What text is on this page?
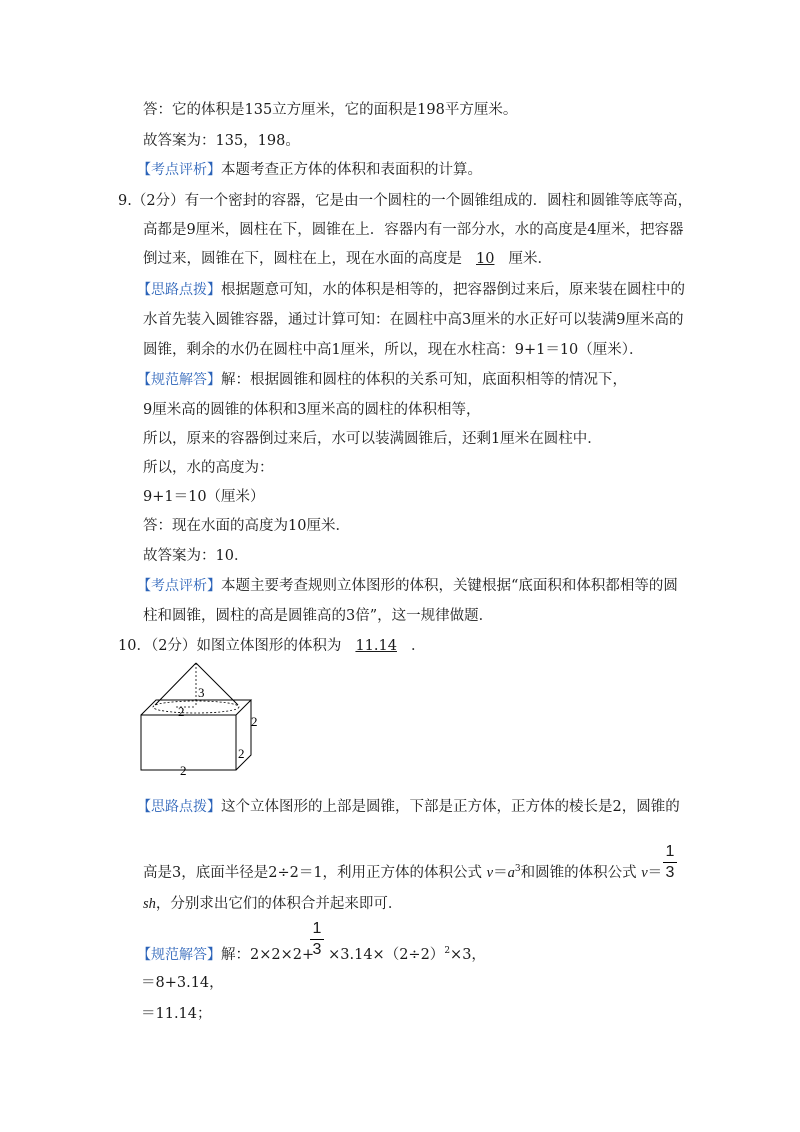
答：它的体积是135立方厘米，它的面积是198平方厘米。
故答案为：135，198。
【考点评析】本题考查正方体的体积和表面积的计算。
9.（2分）有一个密封的容器，它是由一个圆柱的一个圆锥组成的．圆柱和圆锥等底等高，
高都是9厘米，圆柱在下，圆锥在上．容器内有一部分水，水的高度是4厘米，把容器
倒过来，圆锥在下，圆柱在上，现在水面的高度是 10 厘米．
【思路点拨】根据题意可知，水的体积是相等的，把容器倒过来后，原来装在圆柱中的
水首先装入圆锥容器，通过计算可知：在圆柱中高3厘米的水正好可以装满9厘米高的
圆锥，剩余的水仍在圆柱中高1厘米，所以，现在水柱高：9+1＝10（厘米）．
【规范解答】解：根据圆锥和圆柱的体积的关系可知，底面积相等的情况下，
9厘米高的圆锥的体积和3厘米高的圆柱的体积相等，
所以，原来的容器倒过来后，水可以装满圆锥后，还剩1厘米在圆柱中．
所以，水的高度为：
9+1＝10（厘米）
答：现在水面的高度为10厘米．
故答案为：10．
【考点评析】本题主要考查规则立体图形的体积，关键根据“底面积和体积都相等的圆
柱和圆锥，圆柱的高是圆锥高的3倍”，这一规律做题．
10．（2分）如图立体图形的体积为 11.14 ．
3
2
2
2
2
【思路点拨】这个立体图形的上部是圆锥，下部是正方体，正方体的棱长是2，圆锥的
高是3，底面半径是2÷2＝1，利用正方体的体积公式 $v=a^3$和圆锥的体积公式 v＝
1
3
sh，分别求出它们的体积合并起来即可．
【规范解答】解：$2\times 2\times 2+ \times 3.14\times(2\div 2)^2\times 3$，
1
3
＝8+3.14，
＝11.14；
